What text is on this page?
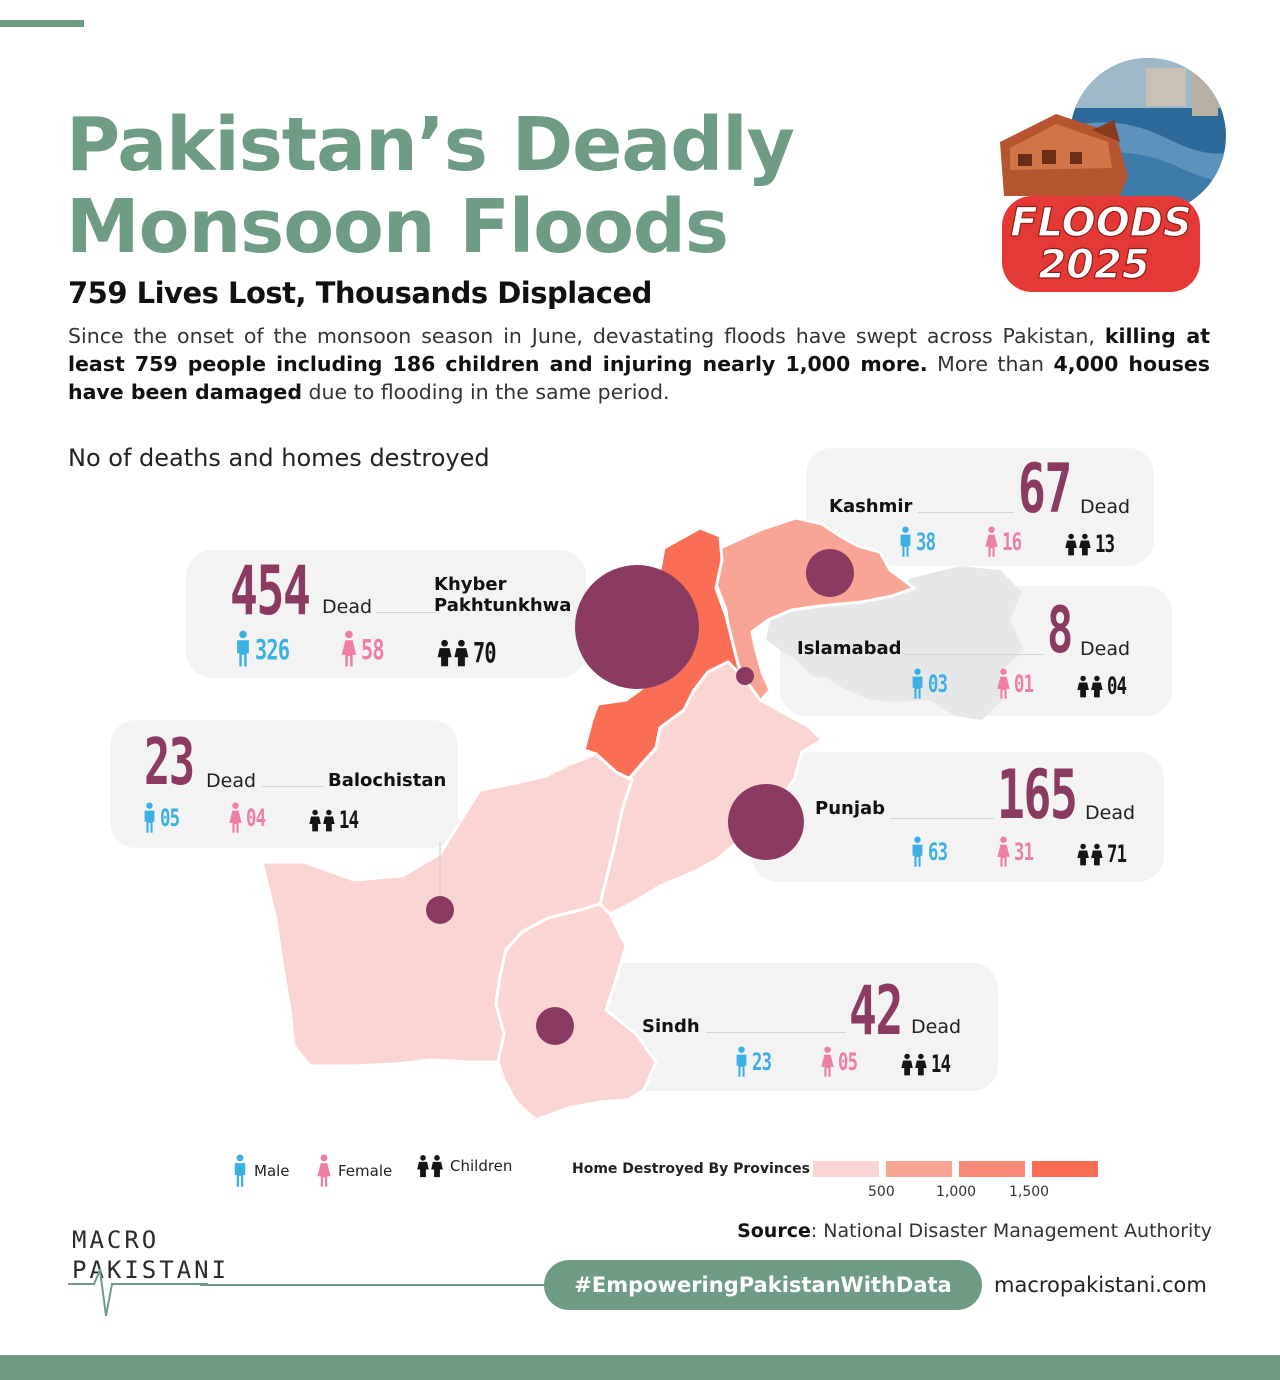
Pakistan’s Deadly
Monsoon Floods
759 Lives Lost, Thousands Displaced

Since the onset of the monsoon season in June, devastating floods have swept across Pakistan, killing at least 759 people including 186 children and injuring nearly 1,000 more. More than 4,000 houses have been damaged due to flooding in the same period.

FLOODS
2025
No of deaths and homes destroyed
454 Dead
Khyber
Pakhtunkhwa
326	58	70
Kashmir 67 Dead
38	16	13
Islamabad 8 Dead
03	01	04
23 Dead	Balochistan
05	04	14	Punjab 165 Dead
63	31	71
Sindh 42 Dead
23	05	14
Male	Female	Children	Home Destroyed By Provinces
500	1,000 1,500
Source: National Disaster Management Authority
MACRO
PAKISTANI
#EmpoweringPakistanWithData	macropakistani.com
